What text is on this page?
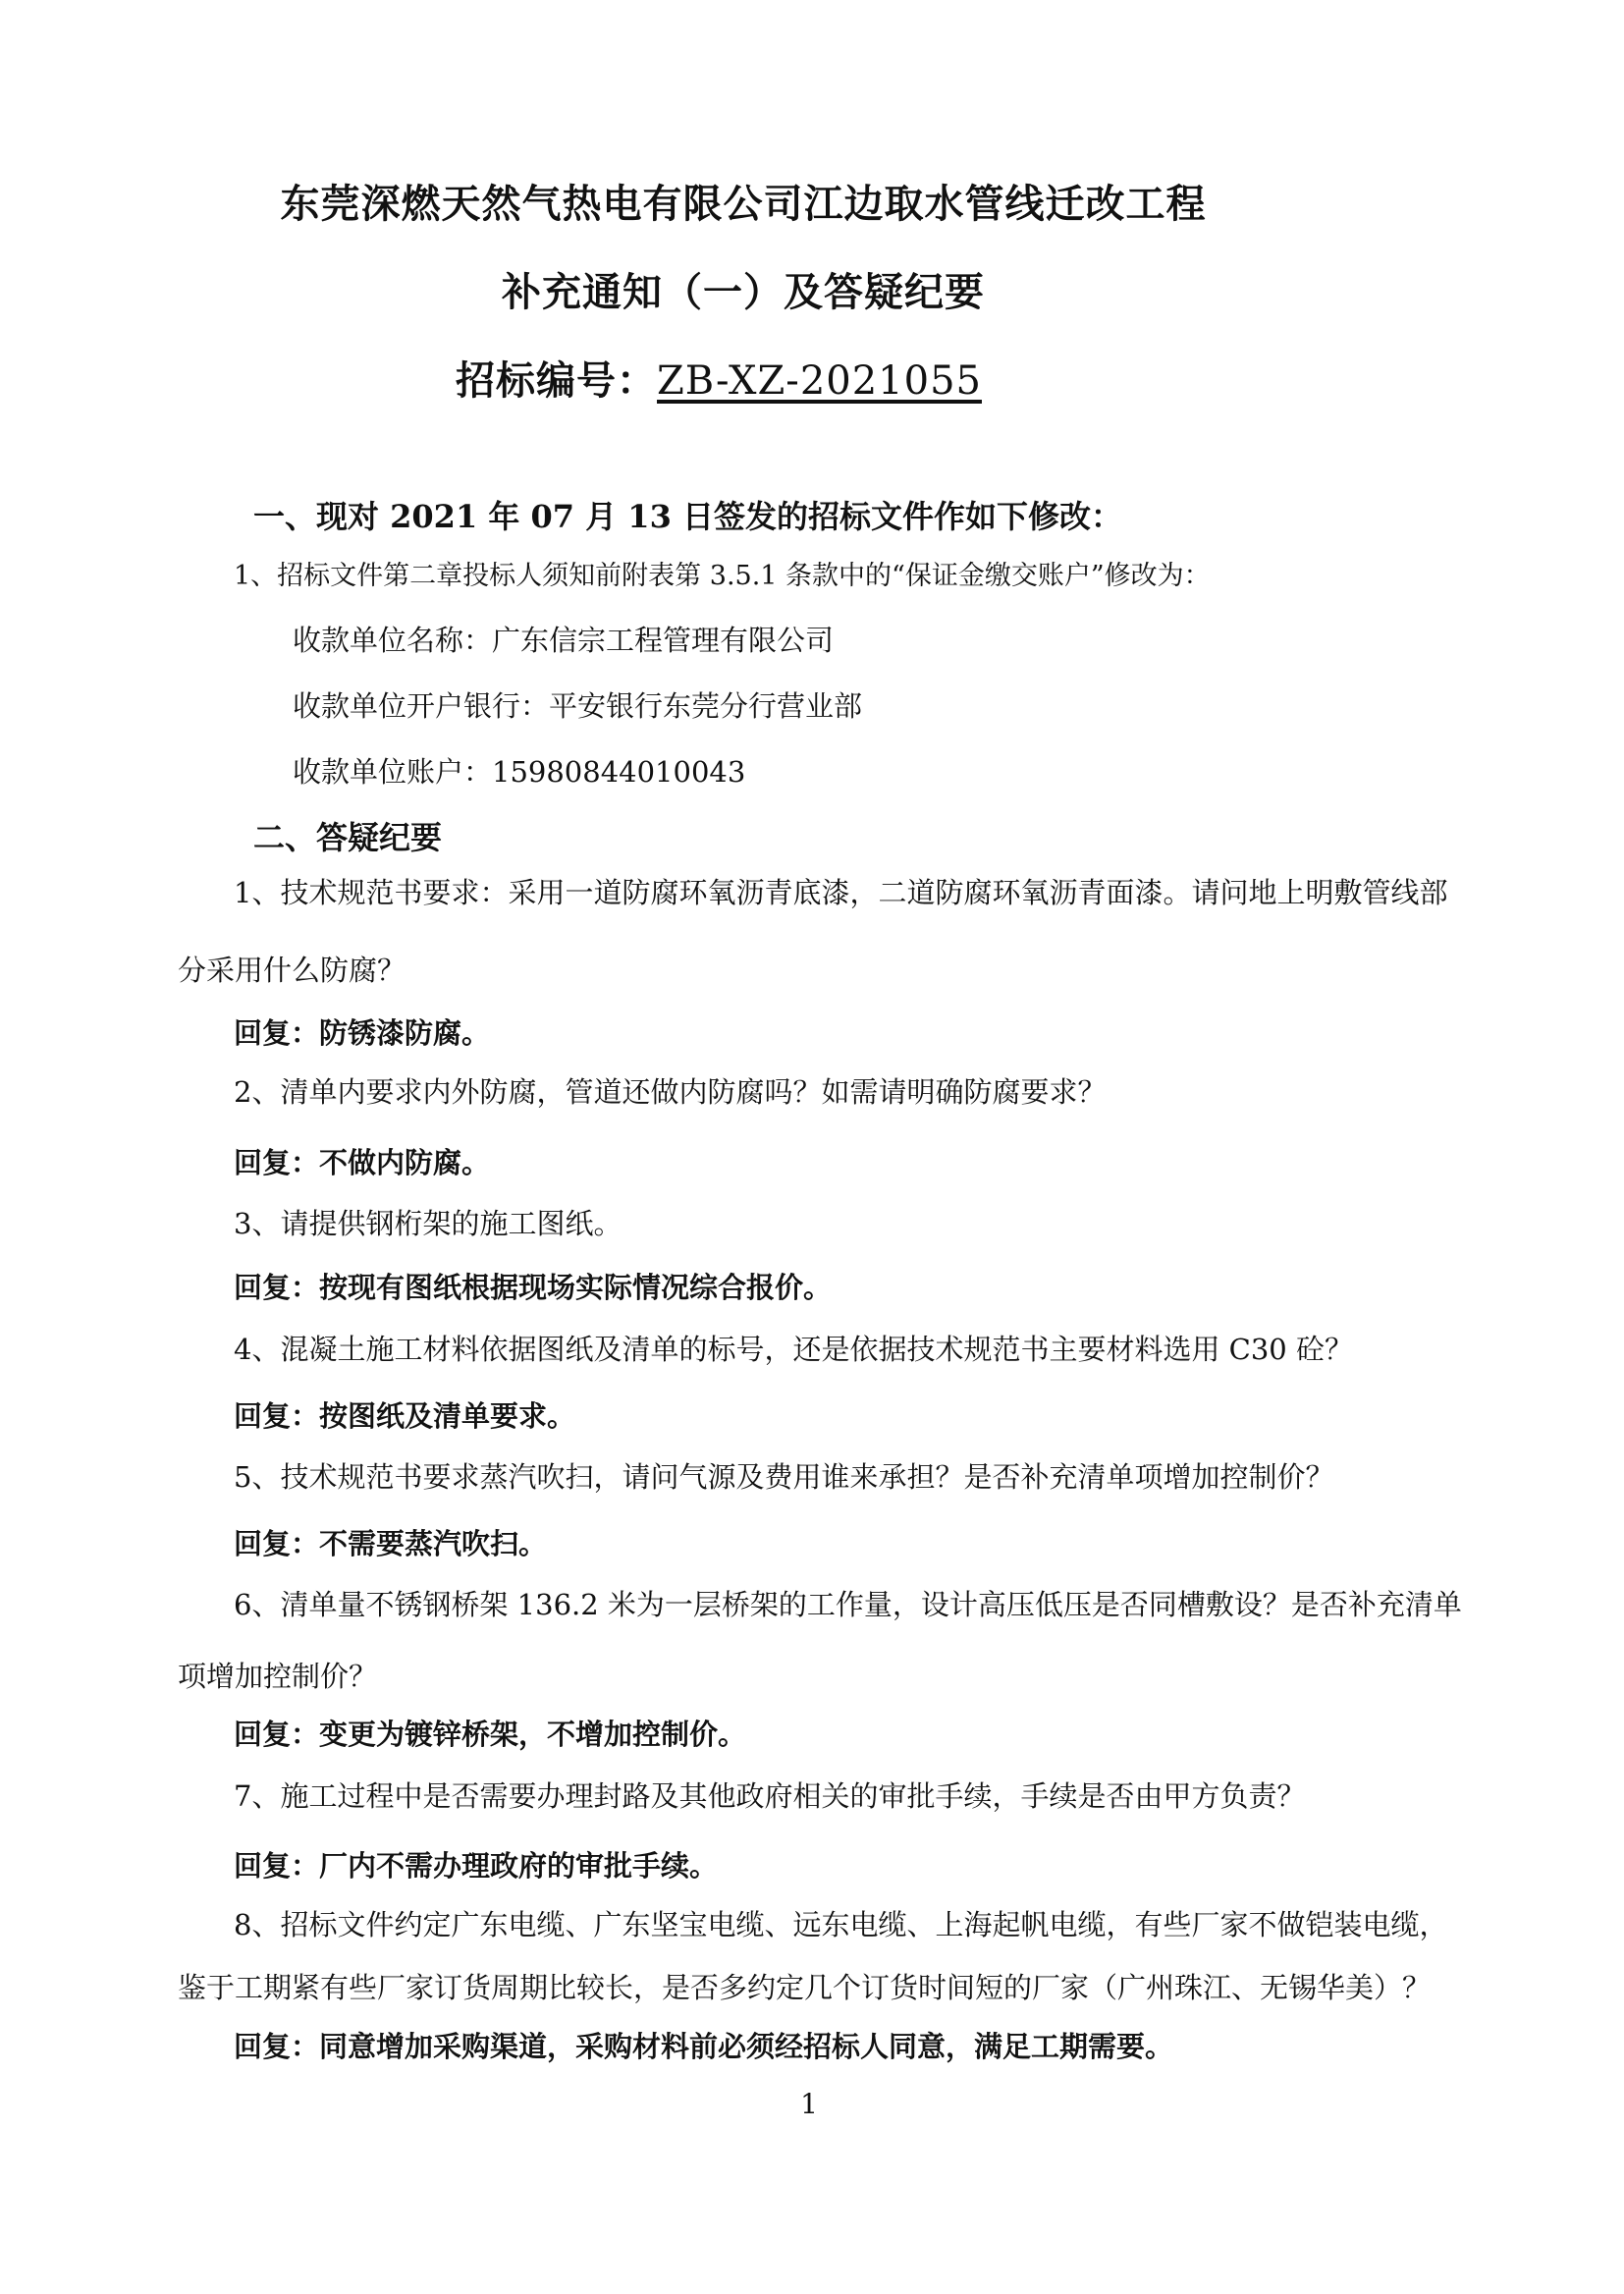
东莞深燃天然气热电有限公司江边取水管线迁改工程
补充通知（一）及答疑纪要
招标编号：ZB-XZ-2021055
一、现对 2021 年 07 月 13 日签发的招标文件作如下修改：
1、招标文件第二章投标人须知前附表第 3.5.1 条款中的“保证金缴交账户”修改为：
收款单位名称：广东信宗工程管理有限公司
收款单位开户银行：平安银行东莞分行营业部
收款单位账户：15980844010043
二、答疑纪要
1、技术规范书要求：采用一道防腐环氧沥青底漆，二道防腐环氧沥青面漆。请问地上明敷管线部
分采用什么防腐？
回复：防锈漆防腐。
2、清单内要求内外防腐，管道还做内防腐吗？如需请明确防腐要求？
回复：不做内防腐。
3、请提供钢桁架的施工图纸。
回复：按现有图纸根据现场实际情况综合报价。
4、混凝土施工材料依据图纸及清单的标号，还是依据技术规范书主要材料选用 C30 砼？
回复：按图纸及清单要求。
5、技术规范书要求蒸汽吹扫，请问气源及费用谁来承担？是否补充清单项增加控制价？
回复：不需要蒸汽吹扫。
6、清单量不锈钢桥架 136.2 米为一层桥架的工作量，设计高压低压是否同槽敷设？是否补充清单
项增加控制价？
回复：变更为镀锌桥架，不增加控制价。
7、施工过程中是否需要办理封路及其他政府相关的审批手续，手续是否由甲方负责？
回复：厂内不需办理政府的审批手续。
8、招标文件约定广东电缆、广东坚宝电缆、远东电缆、上海起帆电缆，有些厂家不做铠装电缆，
鉴于工期紧有些厂家订货周期比较长，是否多约定几个订货时间短的厂家（广州珠江、无锡华美）？
回复：同意增加采购渠道，采购材料前必须经招标人同意，满足工期需要。
1
